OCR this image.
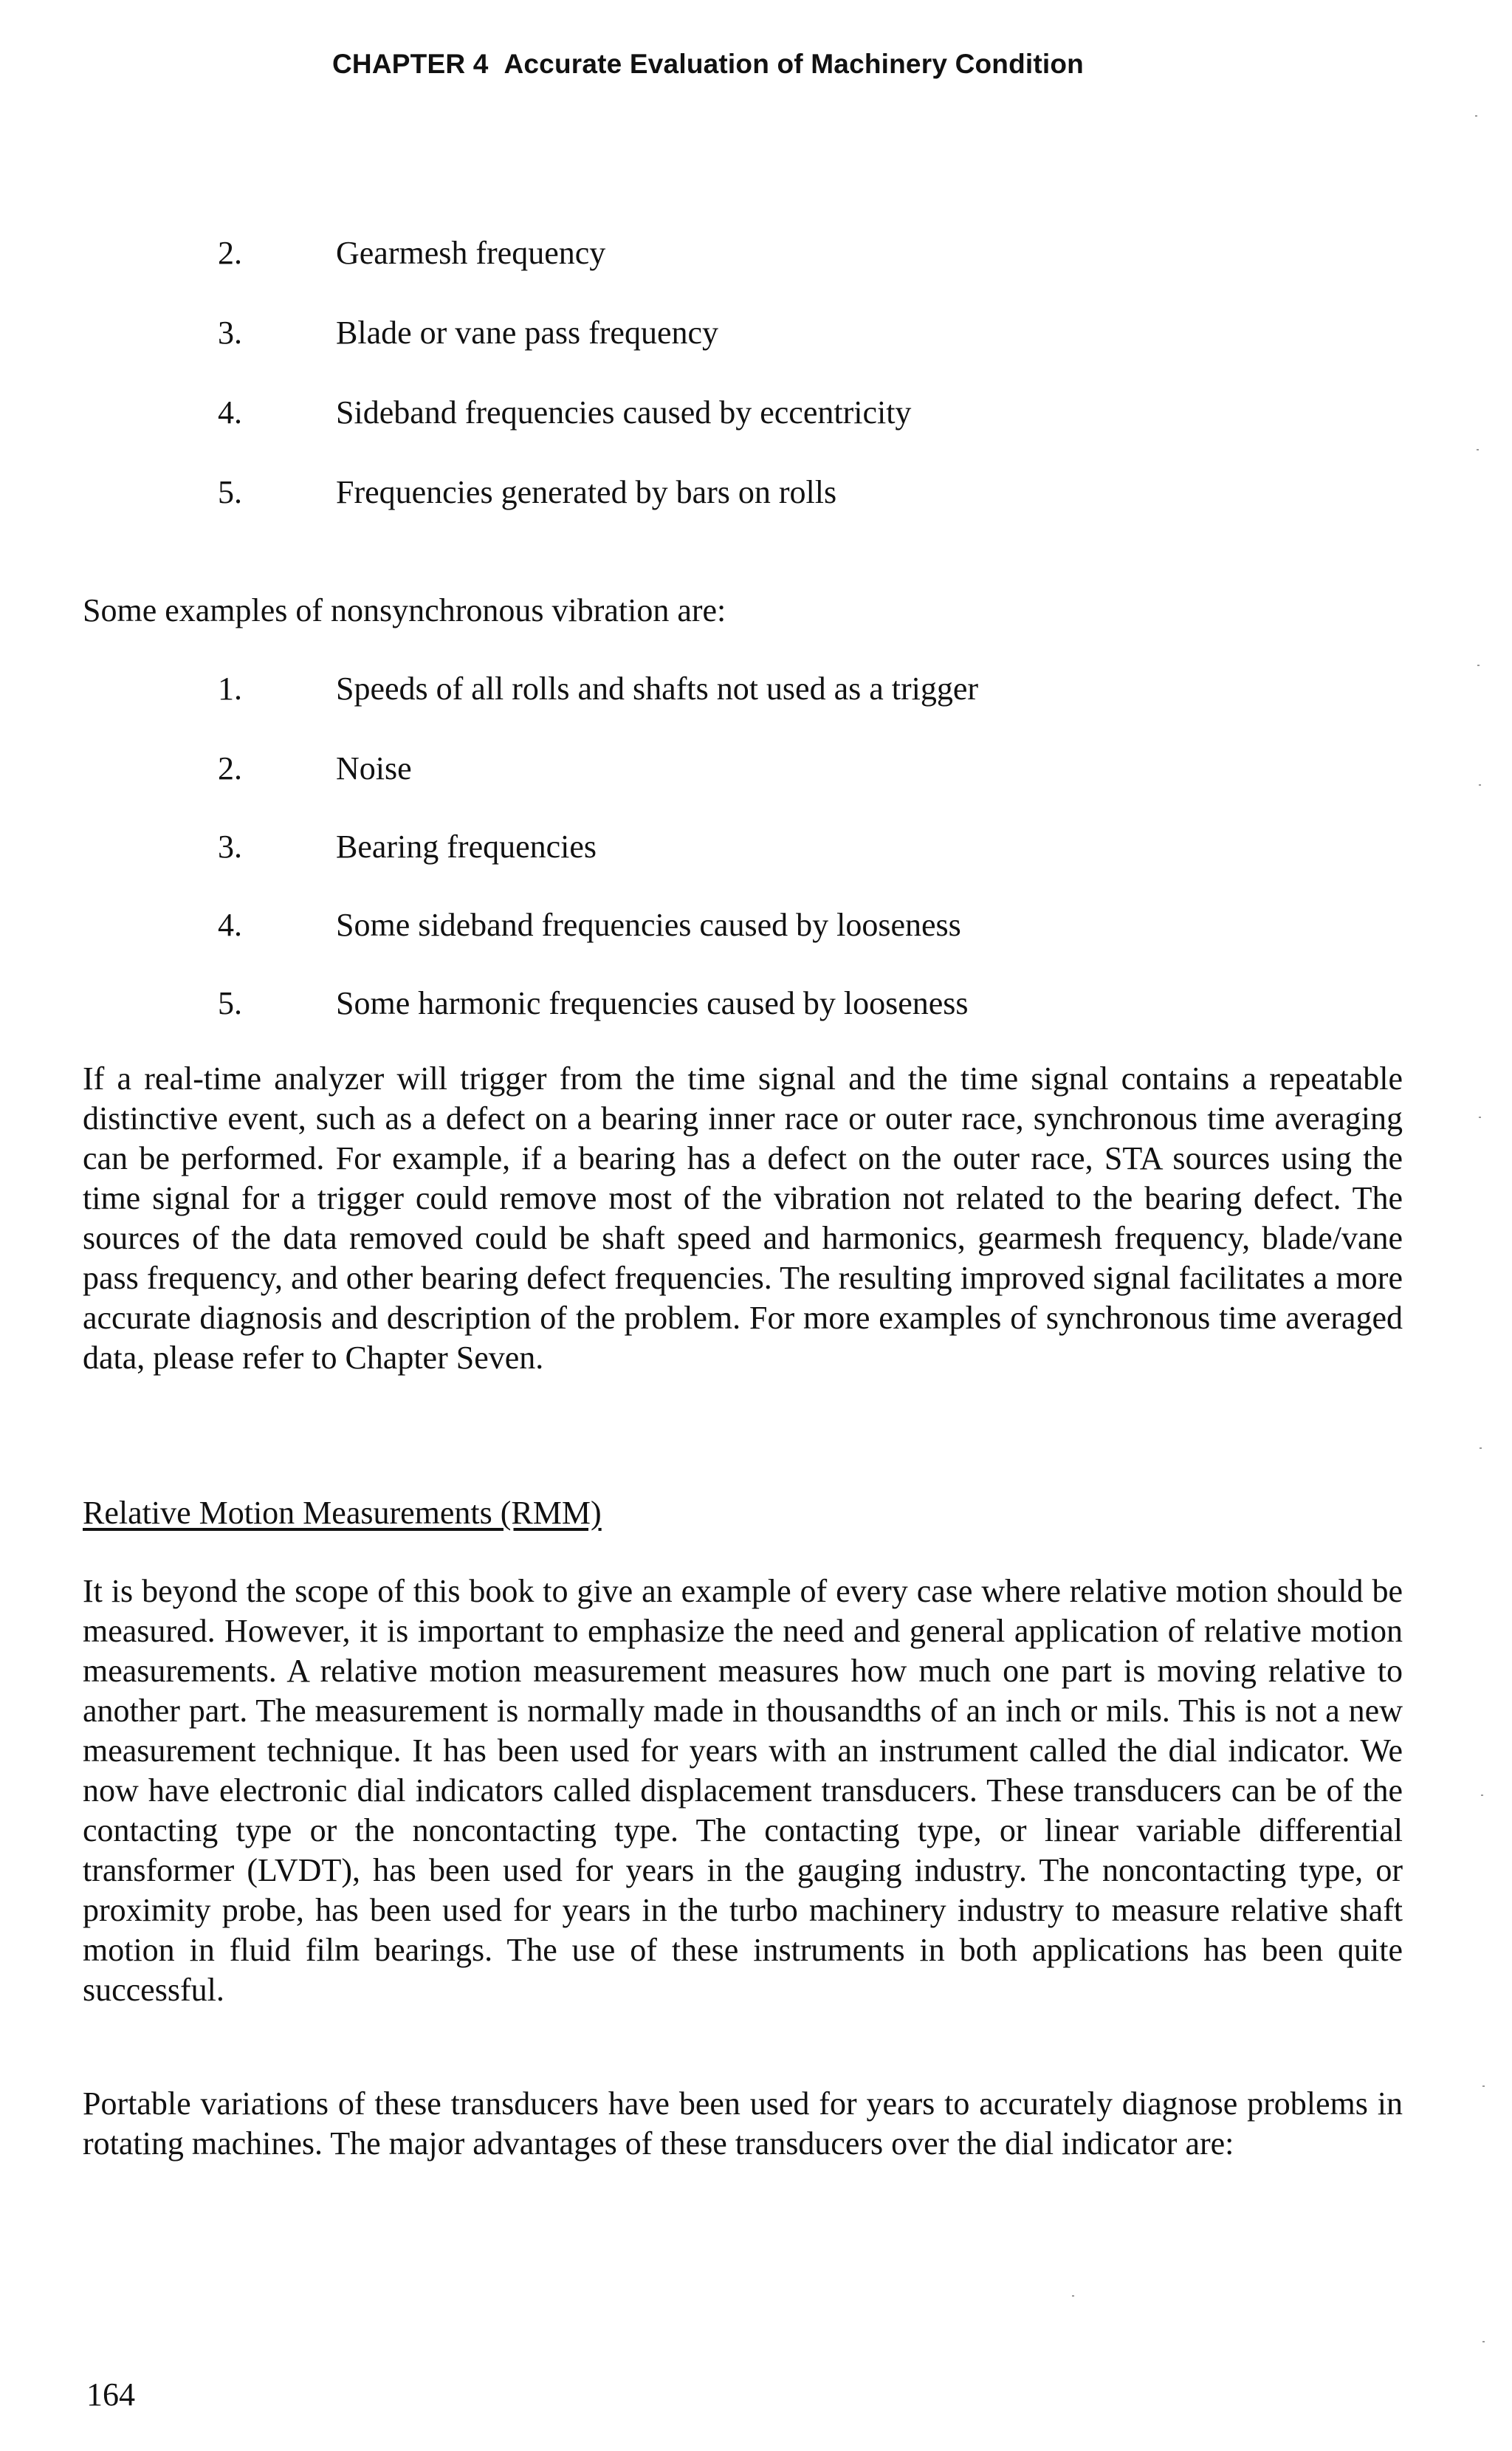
CHAPTER 4 Accurate Evaluation of Machinery Condition
2.	Gearmesh frequency
3.	Blade or vane pass frequency
4.	Sideband frequencies caused by eccentricity
5.	Frequencies generated by bars on rolls

Some examples of nonsynchronous vibration are:

1.	Speeds of all rolls and shafts not used as a trigger
2.	Noise
3.	Bearing frequencies
4.	Some sideband frequencies caused by looseness
5.	Some harmonic frequencies caused by looseness

If a real-time analyzer will trigger from the time signal and the time signal contains a repeatable distinctive event, such as a defect on a bearing inner race or outer race, synchronous time averaging can be performed. For example, if a bearing has a defect on the outer race, STA sources using the time signal for a trigger could remove most of the vibration not related to the bearing defect. The sources of the data removed could be shaft speed and harmonics, gearmesh frequency, blade/vane pass frequency, and other bearing defect frequencies. The resulting improved signal facilitates a more accurate diagnosis and description of the problem. For more examples of synchronous time averaged data, please refer to Chapter Seven.

Relative Motion Measurements (RMM)

It is beyond the scope of this book to give an example of every case where relative motion should be measured. However, it is important to emphasize the need and general application of relative motion measurements. A relative motion measurement measures how much one part is moving relative to another part. The measurement is normally made in thousandths of an inch or mils. This is not a new measurement technique. It has been used for years with an instrument called the dial indicator. We now have electronic dial indicators called displacement transducers. These transducers can be of the contacting type or the noncontacting type. The contacting type, or linear variable differential transformer (LVDT), has been used for years in the gauging industry. The noncontacting type, or proximity probe, has been used for years in the turbo machinery industry to measure relative shaft motion in fluid film bearings. The use of these instruments in both applications has been quite successful.

Portable variations of these transducers have been used for years to accurately diagnose problems in rotating machines. The major advantages of these transducers over the dial indicator are:

164
